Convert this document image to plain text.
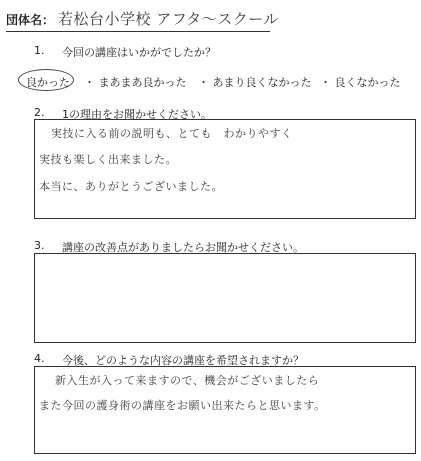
団体名： 若松台小学校 アフタ～スクール
1. 今回の講座はいかがでしたか？
良かった ・ まあまあ良かった ・ あまり良くなかった ・ 良くなかった
2. 1の理由をお聞かせください。
実技に入る前の説明も、とても　わかりやすく
実技も楽しく出来ました。
本当に、ありがとうございました。
3. 講座の改善点がありましたらお聞かせください。
4. 今後、どのような内容の講座を希望されますか？
新入生が入って来ますので、機会がございましたら
また今回の護身術の講座をお願い出来たらと思います。
